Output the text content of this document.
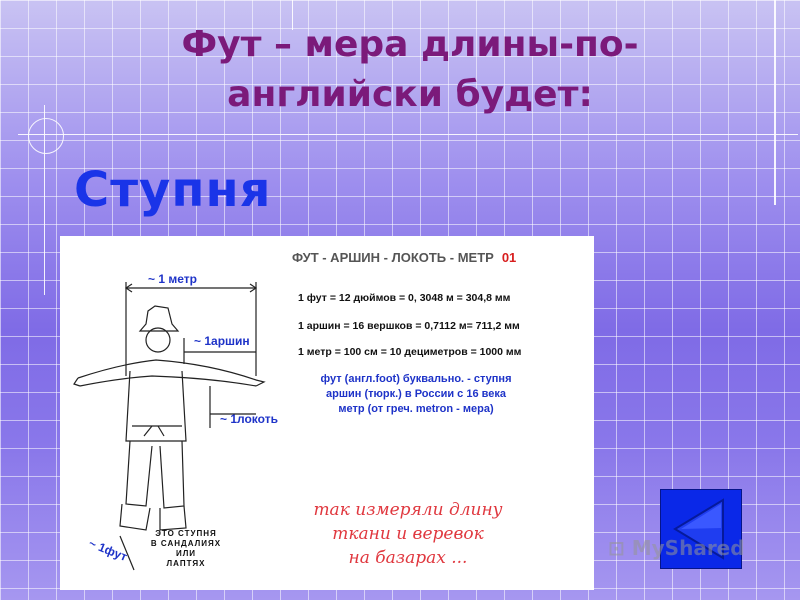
Фут – мера длины-по-английски будет:
Ступня
ФУТ - АРШИН - ЛОКОТЬ - МЕТР 01
1 фут = 12 дюймов = 0, 3048 м = 304,8 мм
1 аршин = 16 вершков = 0,7112 м= 711,2 мм
1 метр = 100 см = 10 дециметров = 1000 мм
фут (англ.foot) буквально. - ступня
аршин (тюрк.) в России с 16 века
метр (от греч. metron - мера)
~ 1 метр
~ 1аршин
~ 1локоть
~ 1фут
ЭТО СТУПНЯ
В САНДАЛИЯХ
ИЛИ
ЛАПТЯХ
так измеряли длину
ткани и веревок
на базарах ...	⊡ MyShared
